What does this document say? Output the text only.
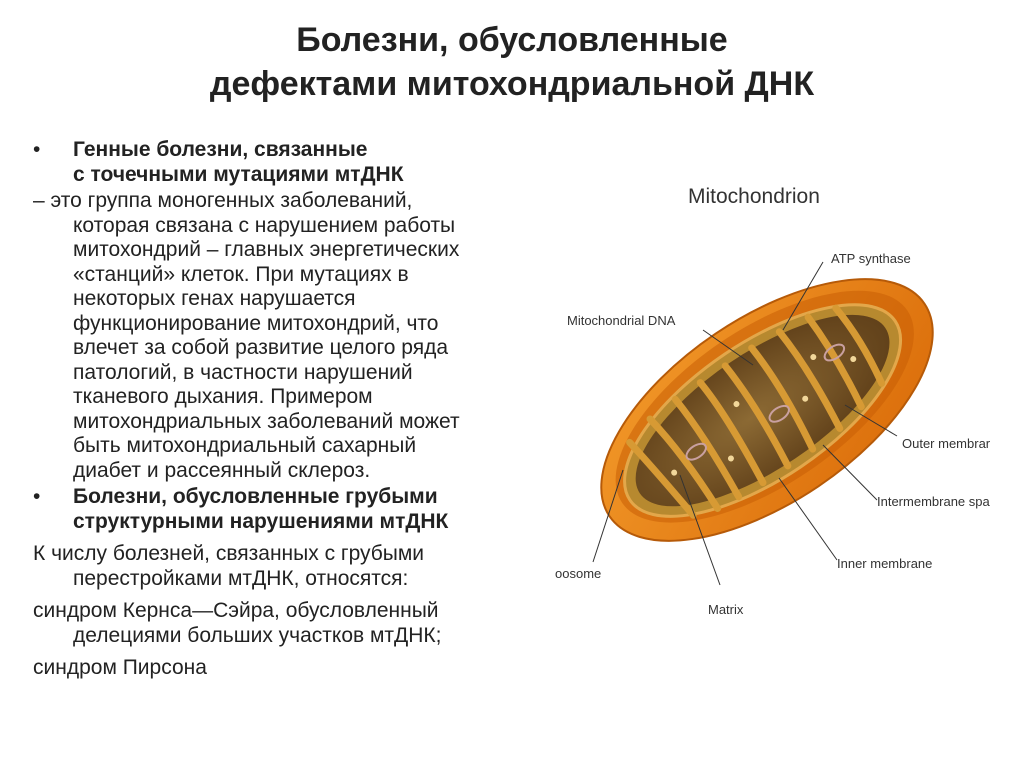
Болезни, обусловленные
дефектами митохондриальной ДНК
• Генные болезни, связанные
с точечными мутациями мтДНК
– это группа моногенных заболеваний,
которая связана с нарушением работы
митохондрий – главных энергетических
«станций» клеток. При мутациях в
некоторых генах нарушается
функционирование митохондрий, что
влечет за собой развитие целого ряда
патологий, в частности нарушений
тканевого дыхания. Примером
митохондриальных заболеваний может
быть митохондриальный сахарный
диабет и рассеянный склероз.
• Болезни, обусловленные грубыми
структурными нарушениями мтДНК
К числу болезней, связанных с грубыми
перестройками мтДНК, относятся:
синдром Кернса—Сэйра, обусловленный
делециями больших участков мтДНК;
синдром Пирсона
Mitochondrion
ATP synthase
Mitochondrial DNA
Outer membrar
Intermembrane spa
Inner membrane
oosome
Matrix
